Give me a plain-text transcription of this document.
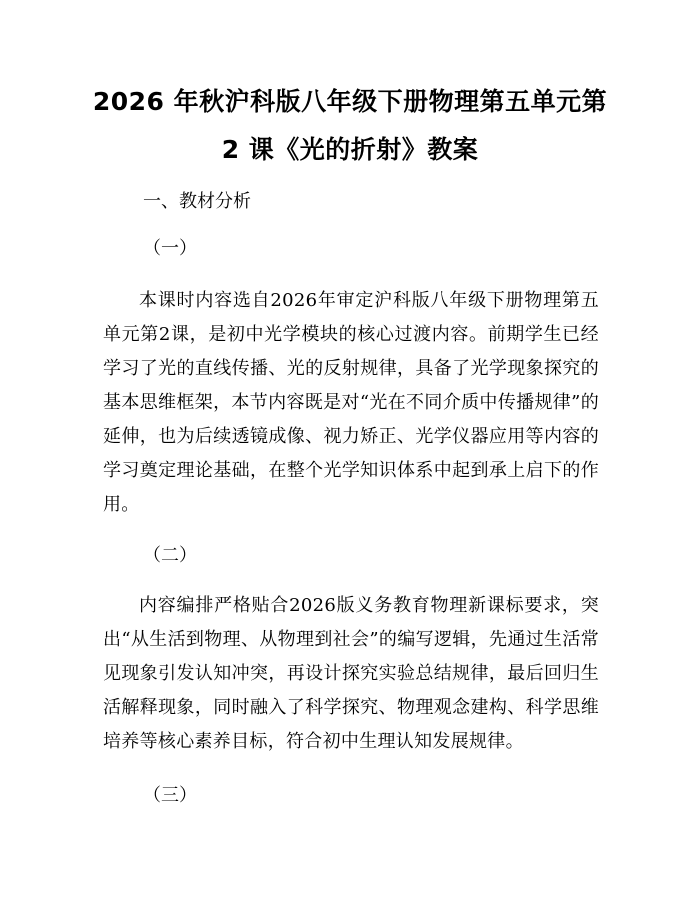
2026 年秋沪科版八年级下册物理第五单元第
2 课《光的折射》教案

一、教材分析

（一）

本课时内容选自2026年审定沪科版八年级下册物理第五单元第2课，是初中光学模块的核心过渡内容。前期学生已经学习了光的直线传播、光的反射规律，具备了光学现象探究的基本思维框架，本节内容既是对“光在不同介质中传播规律”的延伸，也为后续透镜成像、视力矫正、光学仪器应用等内容的学习奠定理论基础，在整个光学知识体系中起到承上启下的作用。

（二）

内容编排严格贴合2026版义务教育物理新课标要求，突出“从生活到物理、从物理到社会”的编写逻辑，先通过生活常见现象引发认知冲突，再设计探究实验总结规律，最后回归生活解释现象，同时融入了科学探究、物理观念建构、科学思维培养等核心素养目标，符合初中生理认知发展规律。

（三）
